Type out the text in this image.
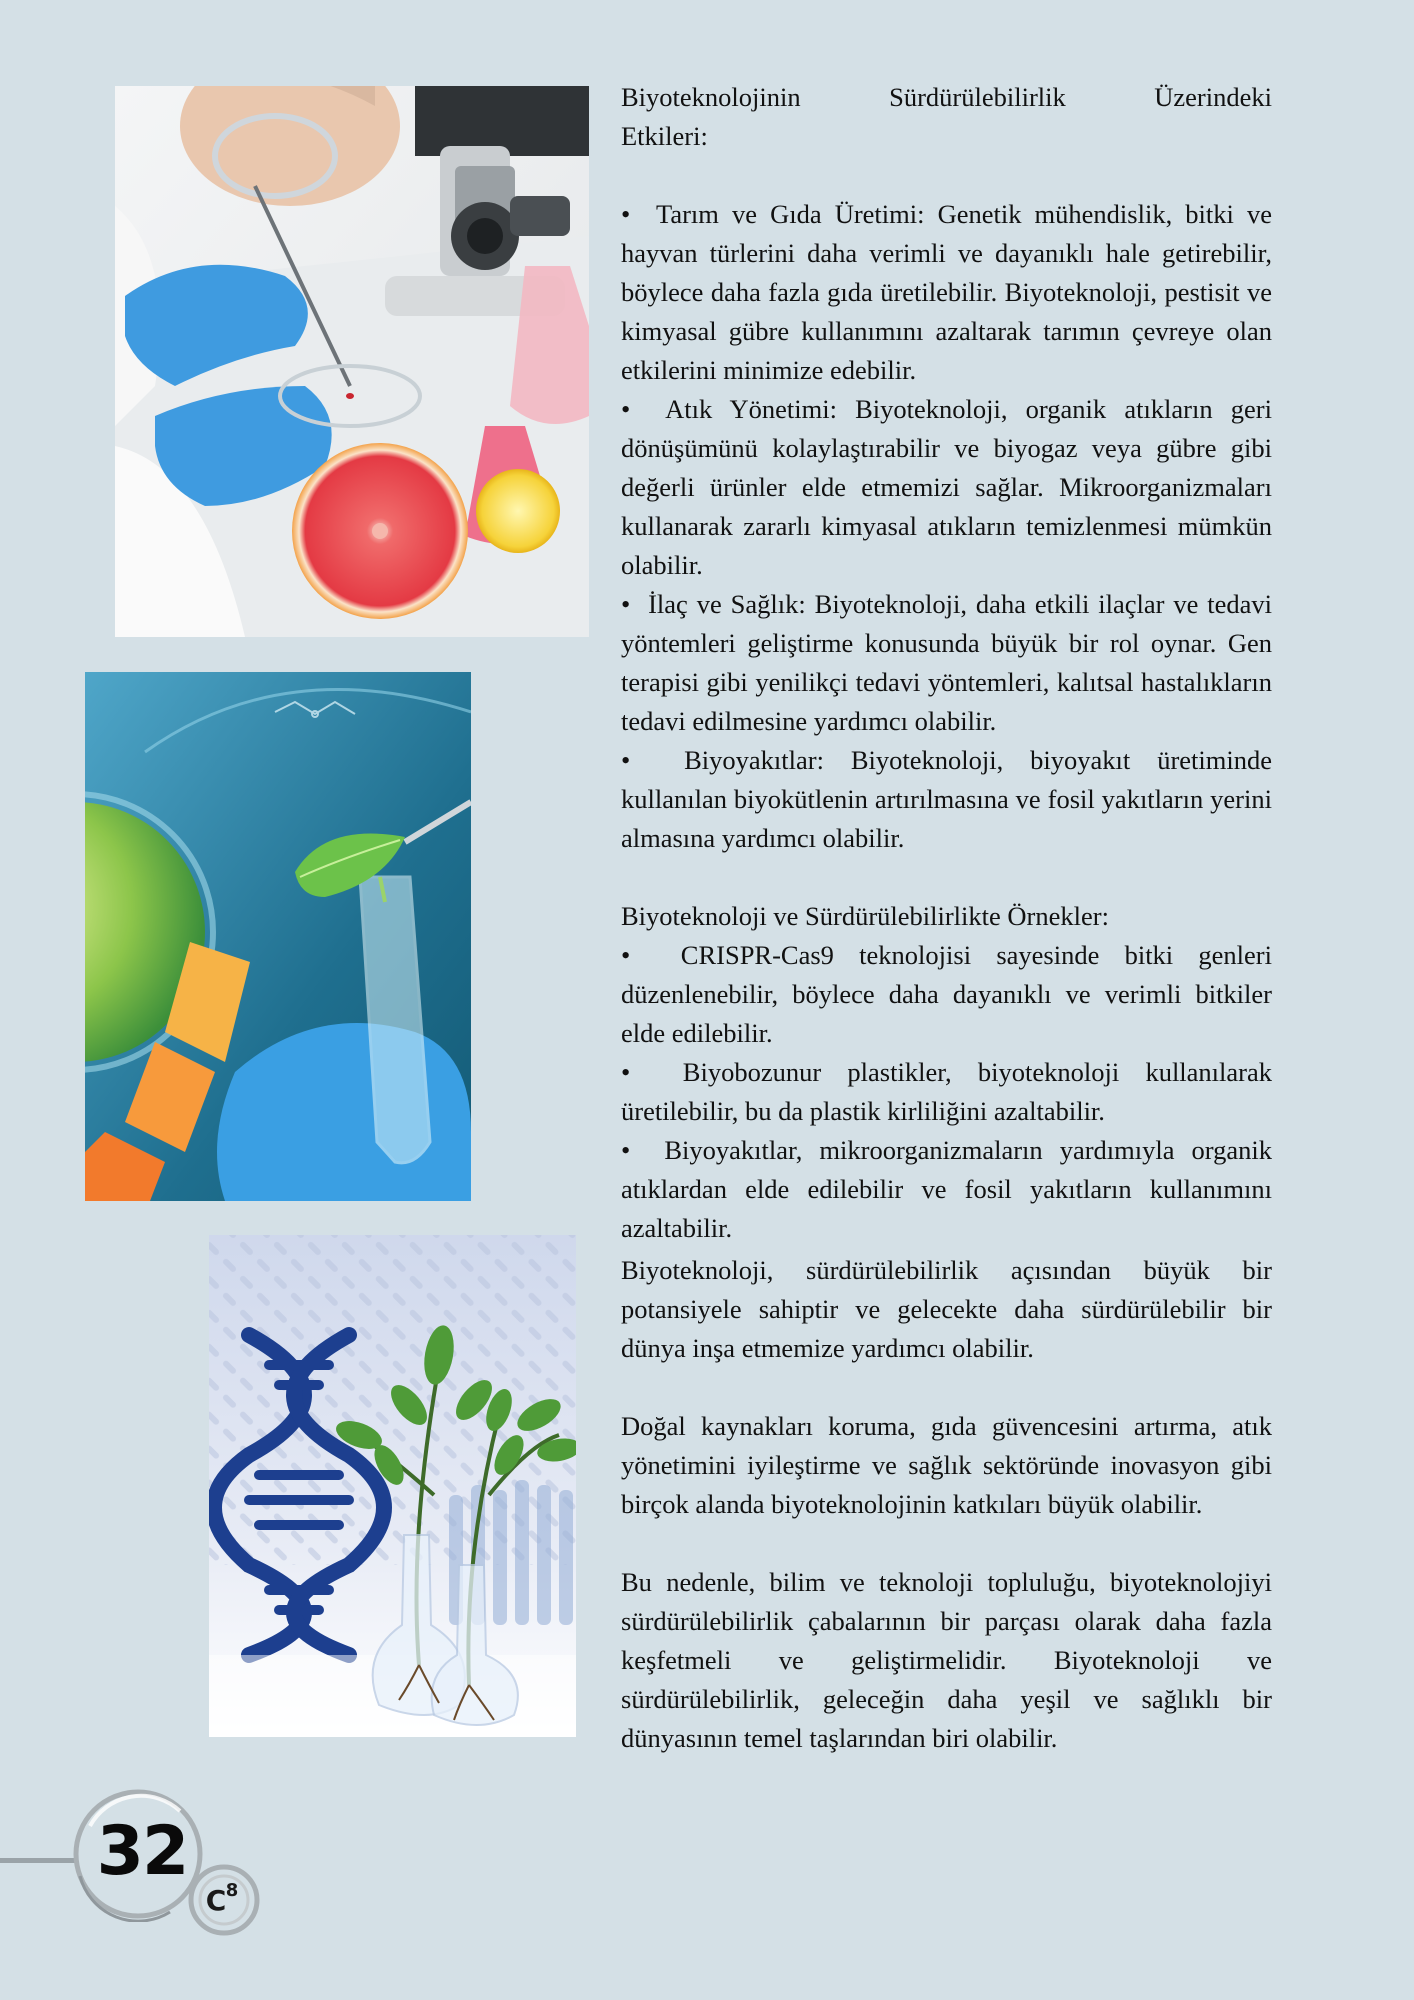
Biyoteknolojinin Sürdürülebilirlik Üzerindeki

Etkileri:

• Tarım ve Gıda Üretimi: Genetik mühendislik, bitki ve hayvan türlerini daha verimli ve dayanıklı hale getirebilir, böylece daha fazla gıda üretilebilir. Biyoteknoloji, pestisit ve kimyasal gübre kullanımını azaltarak tarımın çevreye olan etkilerini minimize edebilir.

• Atık Yönetimi: Biyoteknoloji, organik atıkların geri dönüşümünü kolaylaştırabilir ve biyogaz veya gübre gibi değerli ürünler elde etmemizi sağlar. Mikroorganizmaları kullanarak zararlı kimyasal atıkların temizlenmesi mümkün olabilir.

• İlaç ve Sağlık: Biyoteknoloji, daha etkili ilaçlar ve tedavi yöntemleri geliştirme konusunda büyük bir rol oynar. Gen terapisi gibi yenilikçi tedavi yöntemleri, kalıtsal hastalıkların tedavi edilmesine yardımcı olabilir.

• Biyoyakıtlar: Biyoteknoloji, biyoyakıt üretiminde kullanılan biyokütlenin artırılmasına ve fosil yakıtların yerini almasına yardımcı olabilir.

Biyoteknoloji ve Sürdürülebilirlikte Örnekler:

• CRISPR-Cas9 teknolojisi sayesinde bitki genleri düzenlenebilir, böylece daha dayanıklı ve verimli bitkiler elde edilebilir.

• Biyobozunur plastikler, biyoteknoloji kullanılarak üretilebilir, bu da plastik kirliliğini azaltabilir.

• Biyoyakıtlar, mikroorganizmaların yardımıyla organik atıklardan elde edilebilir ve fosil yakıtların kullanımını azaltabilir.

Biyoteknoloji, sürdürülebilirlik açısından büyük bir potansiyele sahiptir ve gelecekte daha sürdürülebilir bir dünya inşa etmemize yardımcı olabilir.

Doğal kaynakları koruma, gıda güvencesini artırma, atık yönetimini iyileştirme ve sağlık sektöründe inovasyon gibi birçok alanda biyoteknolojinin katkıları büyük olabilir.

Bu nedenle, bilim ve teknoloji topluluğu, biyoteknolojiyi sürdürülebilirlik çabalarının bir parçası olarak daha fazla keşfetmeli ve geliştirmelidir. Biyoteknoloji ve sürdürülebilirlik, geleceğin daha yeşil ve sağlıklı bir dünyasının temel taşlarından biri olabilir.

32
C 8
